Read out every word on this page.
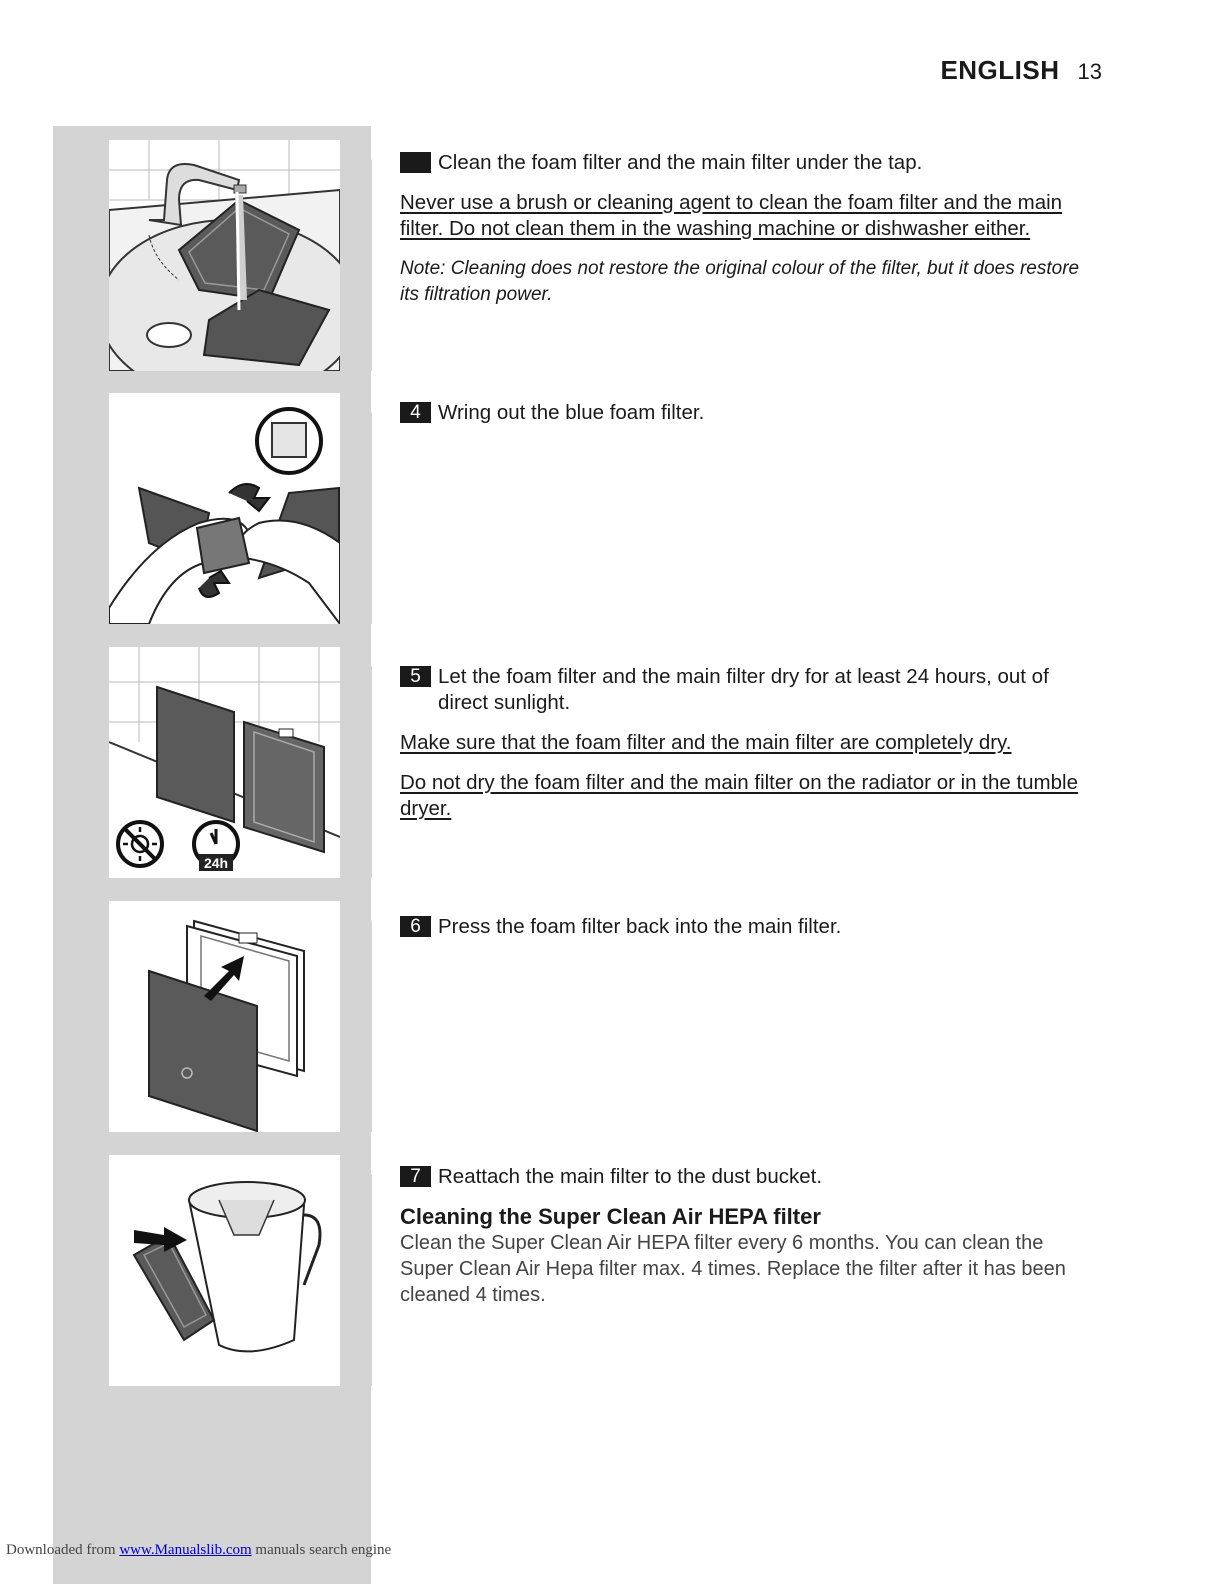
ENGLISH 13
Clean the foam filter and the main filter under the tap.
Never use a brush or cleaning agent to clean the foam filter and the main filter. Do not clean them in the washing machine or dishwasher either.
Note: Cleaning does not restore the original colour of the filter, but it does restore its filtration power.
4 Wring out the blue foam filter.
24h
5 Let the foam filter and the main filter dry for at least 24 hours, out of direct sunlight.
Make sure that the foam filter and the main filter are completely dry.
Do not dry the foam filter and the main filter on the radiator or in the tumble dryer.
6 Press the foam filter back into the main filter.
7 Reattach the main filter to the dust bucket.
Cleaning the Super Clean Air HEPA filter
Clean the Super Clean Air HEPA filter every 6 months. You can clean the Super Clean Air Hepa filter max. 4 times. Replace the filter after it has been cleaned 4 times.
Downloaded from www.Manualslib.com manuals search engine
